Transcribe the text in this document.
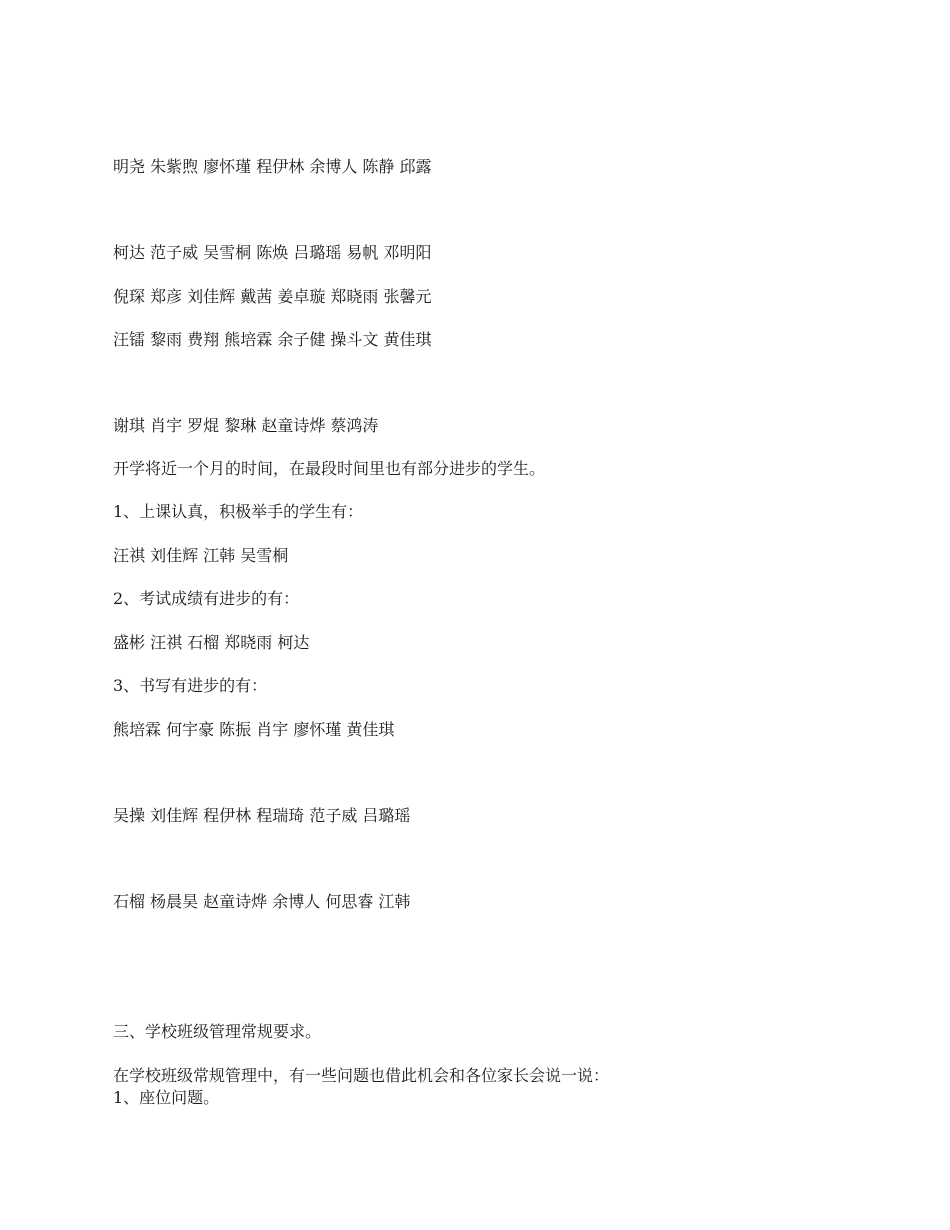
明尧 朱紫煦 廖怀瑾 程伊林 余博人 陈静 邱露
柯达 范子威 吴雪桐 陈焕 吕璐瑶 易帆 邓明阳
倪琛 郑彦 刘佳辉 戴茜 姜卓璇 郑晓雨 张馨元
汪镭 黎雨 费翔 熊培霖 余子健 操斗文 黄佳琪
谢琪 肖宇 罗焜 黎琳 赵童诗烨 蔡鸿涛
开学将近一个月的时间，在最段时间里也有部分进步的学生。
1、上课认真，积极举手的学生有：
汪祺 刘佳辉 江韩 吴雪桐
2、考试成绩有进步的有：
盛彬 汪祺 石榴 郑晓雨 柯达
3、书写有进步的有：
熊培霖 何宇豪 陈振 肖宇 廖怀瑾 黄佳琪
吴操 刘佳辉 程伊林 程瑞琦 范子威 吕璐瑶
石榴 杨晨昊 赵童诗烨 余博人 何思睿 江韩
三、学校班级管理常规要求。
在学校班级常规管理中，有一些问题也借此机会和各位家长会说一说：
1、座位问题。
